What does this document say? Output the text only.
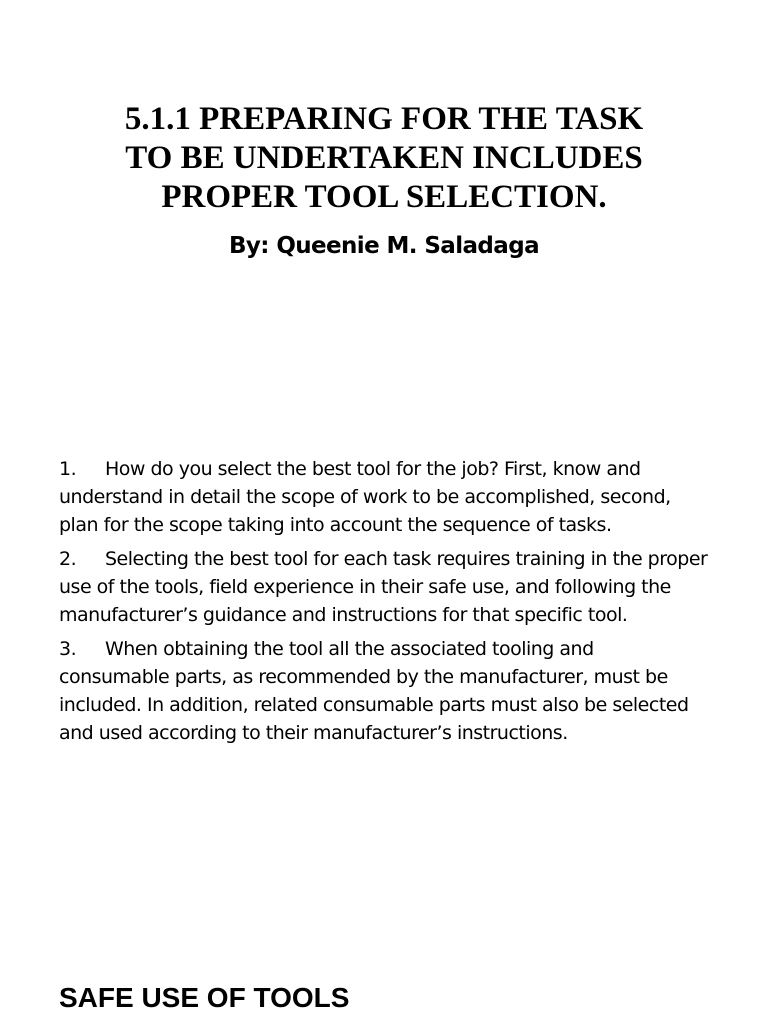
5.1.1 PREPARING FOR THE TASK
TO BE UNDERTAKEN INCLUDES
PROPER TOOL SELECTION.

By: Queenie M. Saladaga

1. How do you select the best tool for the job? First, know and understand in detail the scope of work to be accomplished, second, plan for the scope taking into account the sequence of tasks.
2. Selecting the best tool for each task requires training in the proper use of the tools, field experience in their safe use, and following the manufacturer’s guidance and instructions for that specific tool.
3. When obtaining the tool all the associated tooling and consumable parts, as recommended by the manufacturer, must be included. In addition, related consumable parts must also be selected and used according to their manufacturer’s instructions.
SAFE USE OF TOOLS
